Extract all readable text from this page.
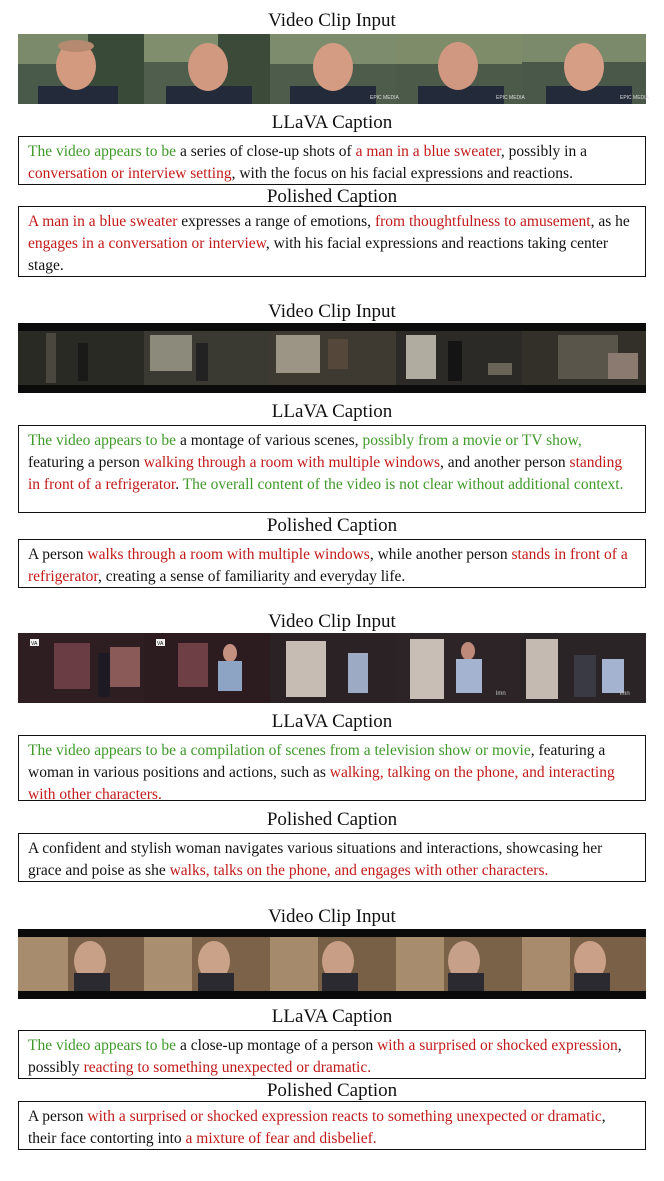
Video Clip Input
EPIC MEDIA	EPIC MEDIA	EPIC MEDIA
LLaVA Caption
The video appears to be a series of close-up shots of a man in a blue sweater, possibly in a conversation or interview setting, with the focus on his facial expressions and reactions.
Polished Caption
A man in a blue sweater expresses a range of emotions, from thoughtfulness to amusement, as he engages in a conversation or interview, with his facial expressions and reactions taking center stage.
Video Clip Input
LLaVA Caption
The video appears to be a montage of various scenes, possibly from a movie or TV show, featuring a person walking through a room with multiple windows, and another person standing in front of a refrigerator. The overall content of the video is not clear without additional context.
Polished Caption
A person walks through a room with multiple windows, while another person stands in front of a refrigerator, creating a sense of familiarity and everyday life.
Video Clip Input
VA	VA
lmn	lmn
LLaVA Caption
The video appears to be a compilation of scenes from a television show or movie, featuring a woman in various positions and actions, such as walking, talking on the phone, and interacting with other characters.
Polished Caption
A confident and stylish woman navigates various situations and interactions, showcasing her grace and poise as she walks, talks on the phone, and engages with other characters.
Video Clip Input
LLaVA Caption
The video appears to be a close-up montage of a person with a surprised or shocked expression, possibly reacting to something unexpected or dramatic.
Polished Caption
A person with a surprised or shocked expression reacts to something unexpected or dramatic, their face contorting into a mixture of fear and disbelief.
